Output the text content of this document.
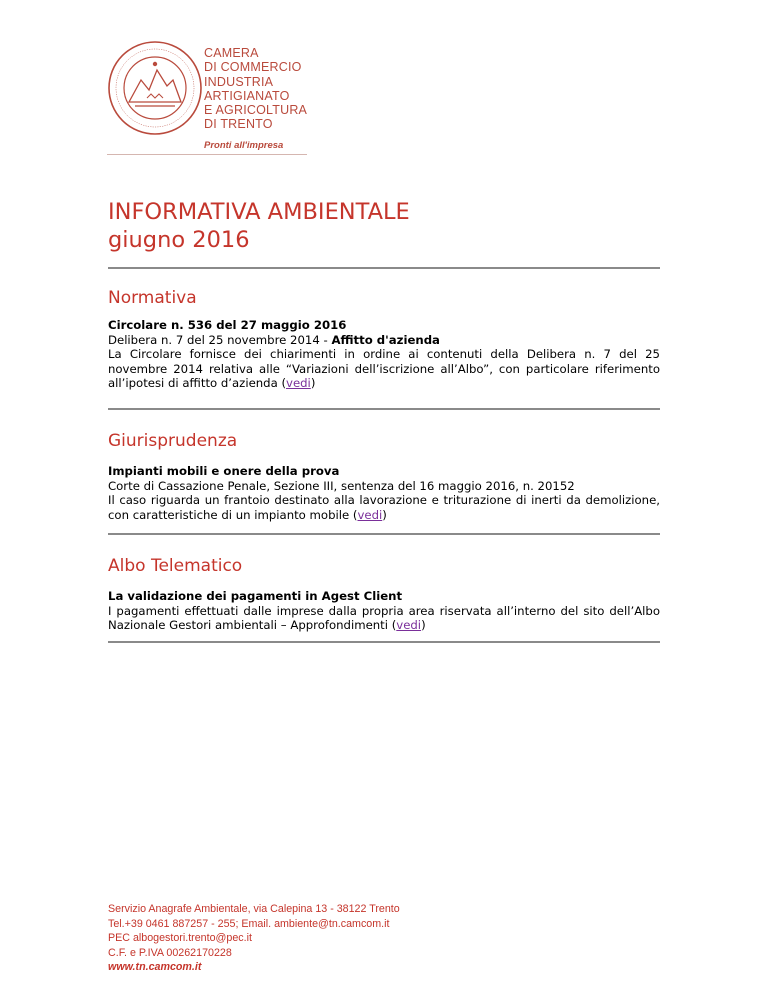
CAMERA
DI COMMERCIO
INDUSTRIA
ARTIGIANATO
E AGRICOLTURA
DI TRENTO
Pronti all'impresa
INFORMATIVA AMBIENTALE
giugno 2016
Normativa
Circolare n. 536 del 27 maggio 2016
Delibera n. 7 del 25 novembre 2014 - Affitto d'azienda

La Circolare fornisce dei chiarimenti in ordine ai contenuti della Delibera n. 7 del 25 novembre 2014 relativa alle “Variazioni dell’iscrizione all’Albo”, con particolare riferimento all’ipotesi di affitto d’azienda (vedi)

Giurisprudenza
Impianti mobili e onere della prova
Corte di Cassazione Penale, Sezione III, sentenza del 16 maggio 2016, n. 20152

Il caso riguarda un frantoio destinato alla lavorazione e triturazione di inerti da demolizione, con caratteristiche di un impianto mobile (vedi)

Albo Telematico
La validazione dei pagamenti in Agest Client

I pagamenti effettuati dalle imprese dalla propria area riservata all’interno del sito dell’Albo Nazionale Gestori ambientali – Approfondimenti (vedi)

Servizio Anagrafe Ambientale, via Calepina 13 - 38122 Trento
Tel.+39 0461 887257 - 255; Email. ambiente@tn.camcom.it
PEC albogestori.trento@pec.it
C.F. e P.IVA 00262170228
www.tn.camcom.it
